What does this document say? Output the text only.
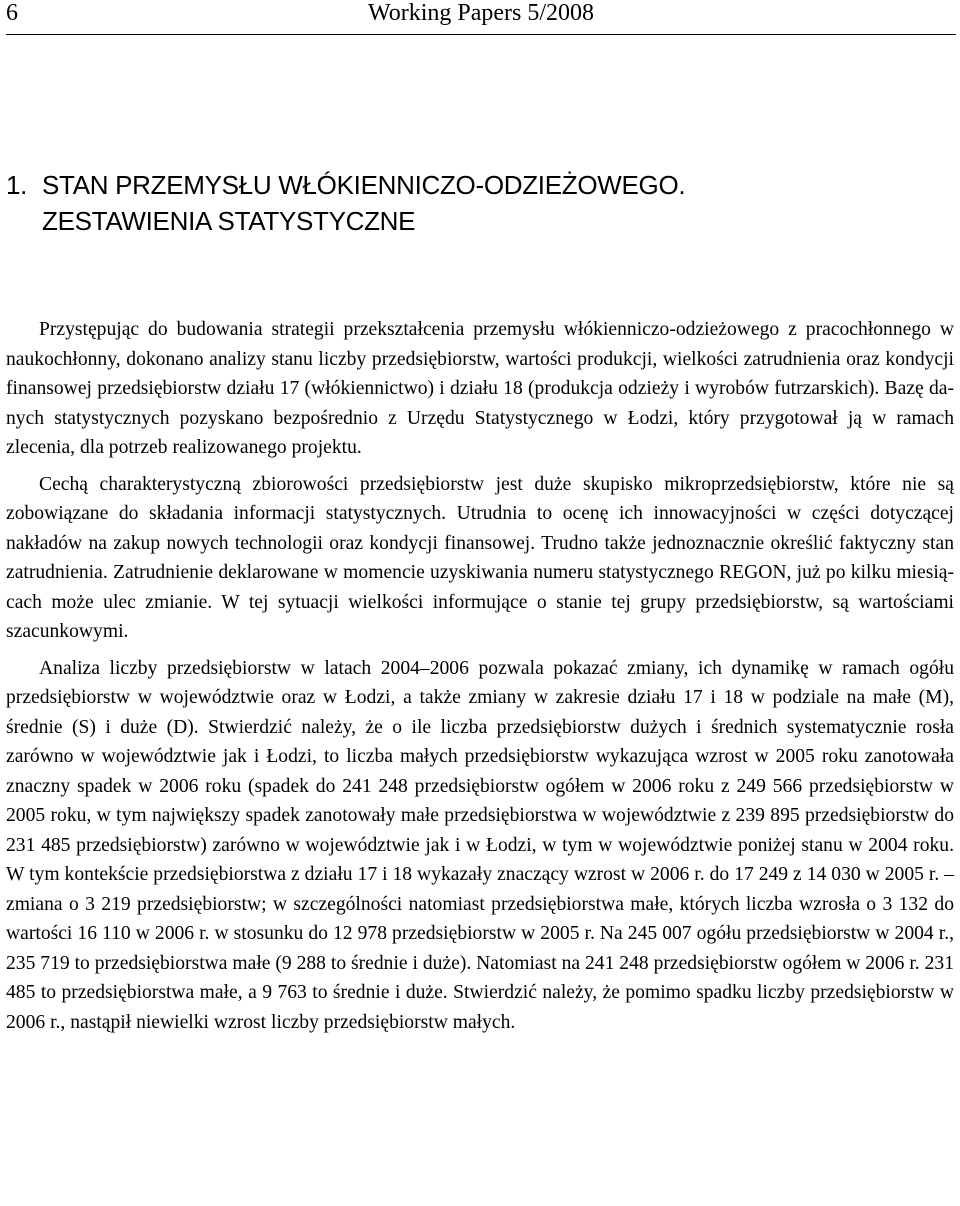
6	Working Papers 5/2008
1. STAN PRZEMYSŁU WŁÓKIENNICZO-ODZIEŻOWEGO.
ZESTAWIENIA STATYSTYCZNE

Przystępując do budowania strategii przekształcenia przemysłu włókienniczo-odzieżowego z pracochłonnego w naukochłonny, dokonano analizy stanu liczby przedsiębiorstw, wartości produkcji, wielkości zatrudnienia oraz kondycji finansowej przedsiębiorstw działu 17 (włókiennictwo) i działu 18 (produkcja odzieży i wyrobów futrzarskich). Bazę danych statystycznych pozyskano bezpośrednio z Urzędu Statystycznego w Łodzi, który przygotował ją w ramach zlecenia, dla potrzeb realizowanego projektu.

Cechą charakterystyczną zbiorowości przedsiębiorstw jest duże skupisko mikroprzedsiębiorstw, które nie są zobowiązane do składania informacji statystycznych. Utrudnia to ocenę ich innowacyjności w części dotyczącej nakładów na zakup nowych technologii oraz kondycji finansowej. Trudno także jednoznacznie określić faktyczny stan zatrudnienia. Zatrudnienie deklarowane w momencie uzyskiwania numeru statystycznego REGON, już po kilku miesiącach może ulec zmianie. W tej sytuacji wielkości informujące o stanie tej grupy przedsiębiorstw, są wartościami szacunkowymi.

Analiza liczby przedsiębiorstw w latach 2004–2006 pozwala pokazać zmiany, ich dynamikę w ramach ogółu przedsiębiorstw w województwie oraz w Łodzi, a także zmiany w zakresie działu 17 i 18 w podziale na małe (M), średnie (S) i duże (D). Stwierdzić należy, że o ile liczba przedsiębiorstw dużych i średnich systematycznie rosła zarówno w województwie jak i Łodzi, to liczba małych przedsiębiorstw wykazująca wzrost w 2005 roku zanotowała znaczny spadek w 2006 roku (spadek do 241 248 przedsiębiorstw ogółem w 2006 roku z 249 566 przedsiębiorstw w 2005 roku, w tym największy spadek zanotowały małe przedsiębiorstwa w województwie z 239 895 przedsiębiorstw do 231 485 przedsiębiorstw) zarówno w województwie jak i w Łodzi, w tym w województwie poniżej stanu w 2004 roku. W tym kontekście przedsiębiorstwa z działu 17 i 18 wykazały znaczący wzrost w 2006 r. do 17 249 z 14 030 w 2005 r. – zmiana o 3 219 przedsiębiorstw; w szczególności natomiast przedsiębiorstwa małe, których liczba wzrosła o 3 132 do wartości 16 110 w 2006 r. w stosunku do 12 978 przedsiębiorstw w 2005 r. Na 245 007 ogółu przedsiębiorstw w 2004 r., 235 719 to przedsiębiorstwa małe (9 288 to średnie i duże). Natomiast na 241 248 przedsiębiorstw ogółem w 2006 r. 231 485 to przedsiębiorstwa małe, a 9 763 to średnie i duże. Stwierdzić należy, że pomimo spadku liczby przedsiębiorstw w 2006 r., nastąpił niewielki wzrost liczby przedsiębiorstw małych.
